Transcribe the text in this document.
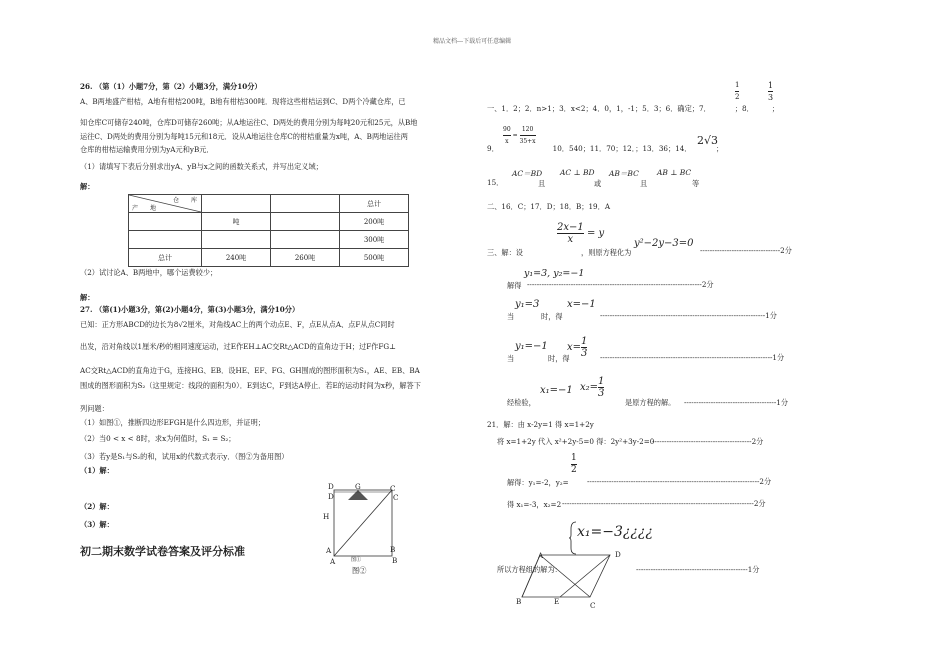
精品文档---下载后可任意编辑
26. （第（1）小题7分，第（2）小题3分，满分10分）
A、B两地盛产柑桔，A地有柑桔200吨，B地有柑桔300吨．现将这些柑桔运到C、D两个冷藏仓库，已
知仓库C可储存240吨，仓库D可储存260吨；从A地运往C、D两处的费用分别为每吨20元和25元，从B地
运往C、D两处的费用分别为每吨15元和18元．设从A地运往仓库C的柑桔重量为x吨，A、B两地运往两
仓库的柑桔运输费用分别为yA元和yB元．
（1）请填写下表后分别求出yA、yB与x之间的函数关系式，并写出定义域；
解：
仓　　库
产　　地			总计
	吨		200吨
			300吨
总计	240吨	260吨	500吨
（2）试讨论A、B两地中，哪个运费较少；
解：
27. （第(1)小题3分，第(2)小题4分，第(3)小题3分，满分10分）
已知：正方形ABCD的边长为8√2厘米，对角线AC上的两个动点E、F，点E从点A、点F从点C同时
出发，沿对角线以1厘米/秒的相同速度运动，过E作EH⊥AC交Rt△ACD的直角边于H；过F作FG⊥
AC交Rt△ACD的直角边于G，连接HG、EB．设HE、EF、FG、GH围成的图形面积为S₁，AE、EB、BA
围成的图形面积为S₂（这里规定：线段的面积为0）．E到达C，F到达A停止．若E的运动时间为x秒，解答下
列问题：
（1）如图①，推断四边形EFGH是什么四边形，并证明；
（2）当0 < x < 8时，求x为何值时，S₁ = S₂；
（3）若y是S₁与S₂的和，试用x的代数式表示y．（图②为备用图）
（1）解：
（2）解：
（3）解：
初二期末数学试卷答案及评分标准
D
D
G	C
C
H
A
A
B
B
图①
图②
$\frac{1}{2}$	$\frac{1}{3}$
一、1．2；2．n>1；3．x<2；4．0，1，-1；5．3；6．确定；7．	；8．	；
$\frac{90}{x} = \frac{120}{35+x}$
9．　　　　　　　　10．540；11．70；12．；13．36；14．
2√3
；
AC＝BD AC ⊥ BD AB＝BC AB ⊥ BC
15．	且	或	且	等
二、16．C；17．D；18．B；19．A
$\frac{2x-1}{x} = y$
三、解：设	，则原方程化为
y²−2y−3=0
---------------------------------2分
y₁=3, y₂=−1
解得 ------------------------------------------------------------------------2分
y₁=3	x=−1
当	时，得	--------------------------------------------------------------------1分
y₁=−1 $x= \frac{1}{3}$
当	时，得	-----------------------------------------------------------------------1分
经检验，
x₁=−1 $x_2= \frac{1}{3}$
是原方程的解。 --------------------------------------1分
21．解：由 x-2y=1 得 x=1+2y
将 x=1+2y 代入 x²+2y-5=0 得：2y²+3y-2=0
-----------------------------------------2分
$\frac{1}{2}$
解得：y₁=-2，y₂=	-----------------------------------------------------------------------2分
得 x₁=-3，x₂=2 -------------------------------------------------------------------------------2分
x₁=−3¿¿¿¿
A	D
B	E	C
所以方程组的解为：	----------------------------------------------1分
